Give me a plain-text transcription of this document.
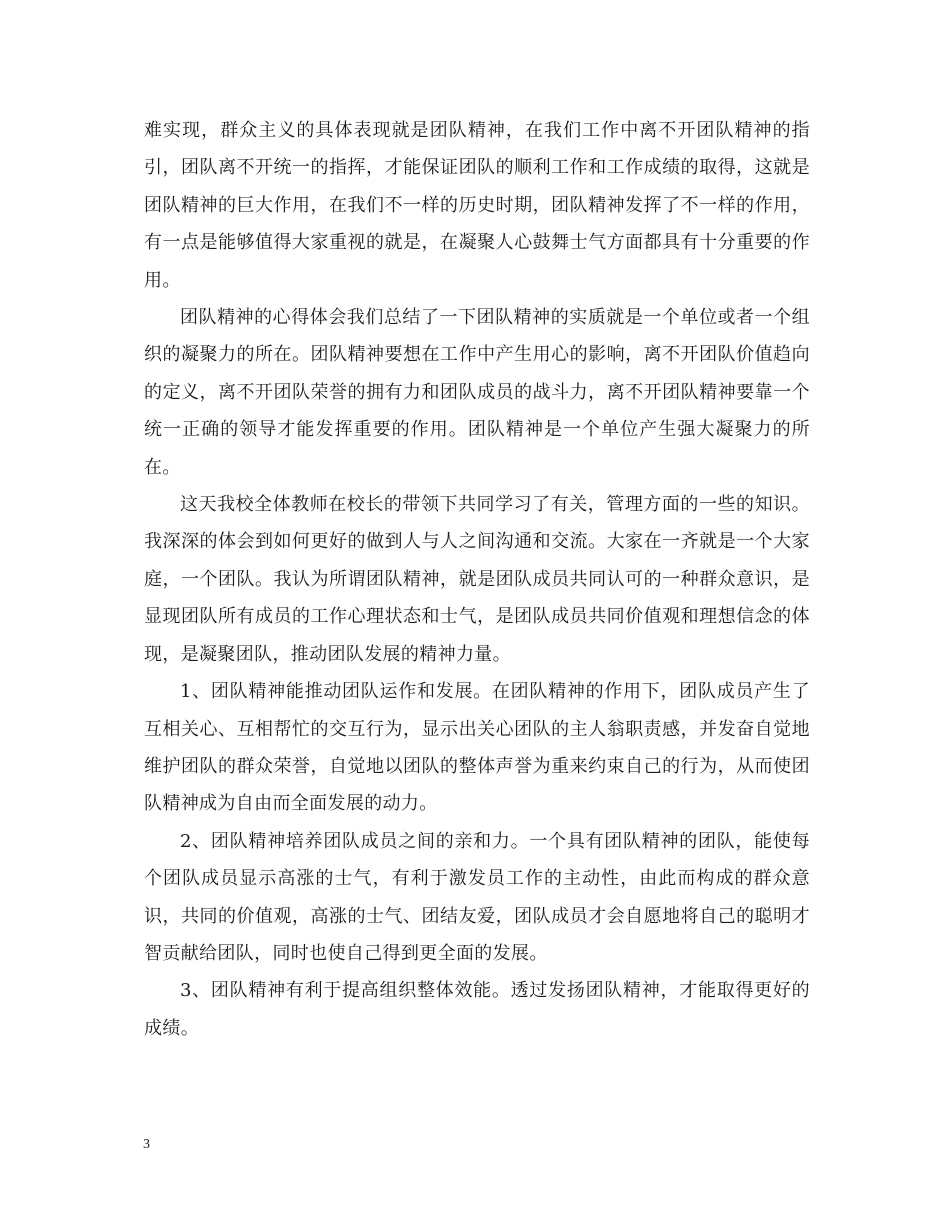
难实现，群众主义的具体表现就是团队精神，在我们工作中离不开团队精神的指引，团队离不开统一的指挥，才能保证团队的顺利工作和工作成绩的取得，这就是团队精神的巨大作用，在我们不一样的历史时期，团队精神发挥了不一样的作用，有一点是能够值得大家重视的就是，在凝聚人心鼓舞士气方面都具有十分重要的作用。

团队精神的心得体会我们总结了一下团队精神的实质就是一个单位或者一个组织的凝聚力的所在。团队精神要想在工作中产生用心的影响，离不开团队价值趋向的定义，离不开团队荣誉的拥有力和团队成员的战斗力，离不开团队精神要靠一个统一正确的领导才能发挥重要的作用。团队精神是一个单位产生强大凝聚力的所在。

这天我校全体教师在校长的带领下共同学习了有关，管理方面的一些的知识。我深深的体会到如何更好的做到人与人之间沟通和交流。大家在一齐就是一个大家庭，一个团队。我认为所谓团队精神，就是团队成员共同认可的一种群众意识，是显现团队所有成员的工作心理状态和士气，是团队成员共同价值观和理想信念的体现，是凝聚团队，推动团队发展的精神力量。

1、团队精神能推动团队运作和发展。在团队精神的作用下，团队成员产生了互相关心、互相帮忙的交互行为，显示出关心团队的主人翁职责感，并发奋自觉地维护团队的群众荣誉，自觉地以团队的整体声誉为重来约束自己的行为，从而使团队精神成为自由而全面发展的动力。

2、团队精神培养团队成员之间的亲和力。一个具有团队精神的团队，能使每个团队成员显示高涨的士气，有利于激发员工作的主动性，由此而构成的群众意识，共同的价值观，高涨的士气、团结友爱，团队成员才会自愿地将自己的聪明才智贡献给团队，同时也使自己得到更全面的发展。

3、团队精神有利于提高组织整体效能。透过发扬团队精神，才能取得更好的成绩。

3
